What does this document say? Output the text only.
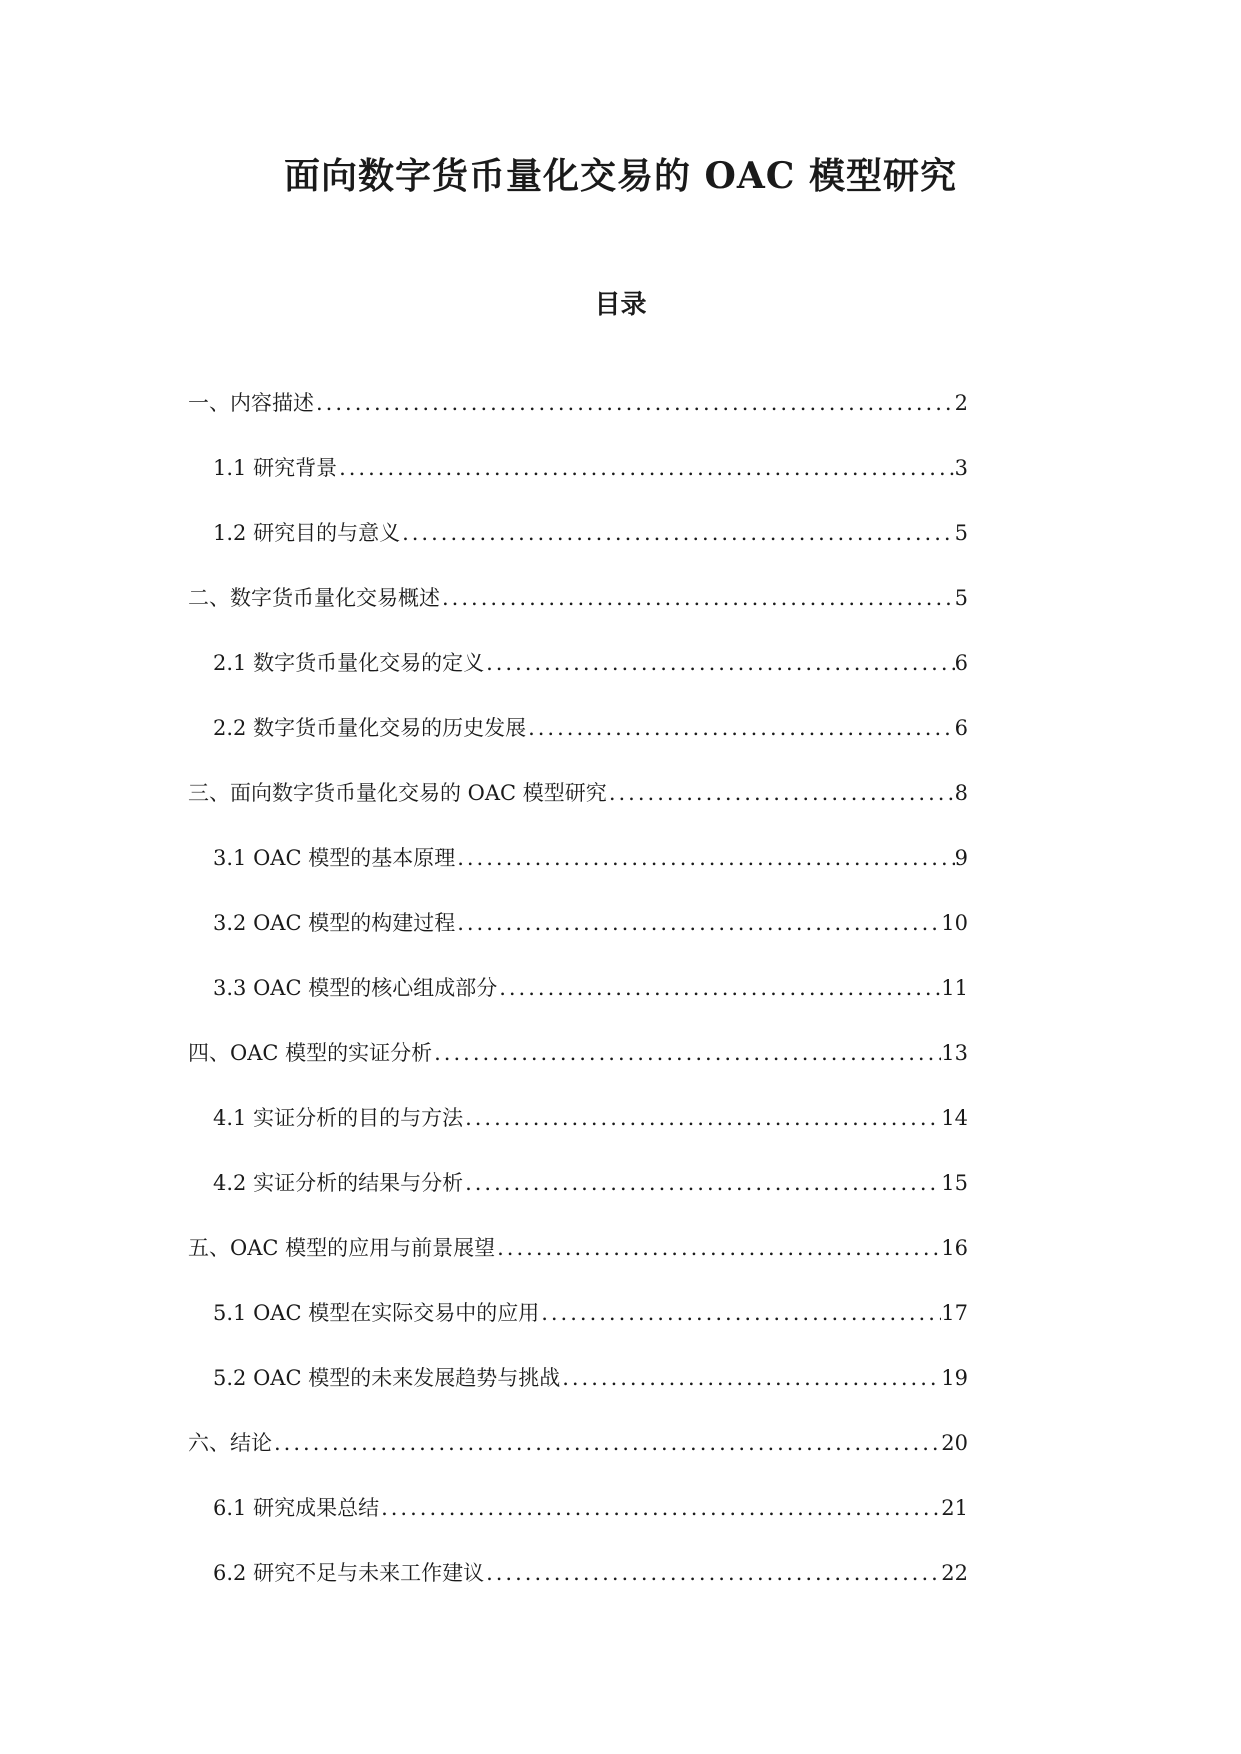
面向数字货币量化交易的 OAC 模型研究
目录
一、内容描述 .....	2
1.1 研究背景 .....	3
1.2 研究目的与意义 .....	5
二、数字货币量化交易概述 .....	5
2.1 数字货币量化交易的定义 .....	6
2.2 数字货币量化交易的历史发展 .....	6
三、面向数字货币量化交易的 OAC 模型研究 .....	8
3.1 OAC 模型的基本原理 .....	9
3.2 OAC 模型的构建过程 .....	10
3.3 OAC 模型的核心组成部分 .....	11
四、OAC 模型的实证分析 .....	13
4.1 实证分析的目的与方法 .....	14
4.2 实证分析的结果与分析 .....	15
五、OAC 模型的应用与前景展望 .....	16
5.1 OAC 模型在实际交易中的应用 .....	17
5.2 OAC 模型的未来发展趋势与挑战 .....	19
六、结论 .....	20
6.1 研究成果总结 .....	21
6.2 研究不足与未来工作建议 .....	22
